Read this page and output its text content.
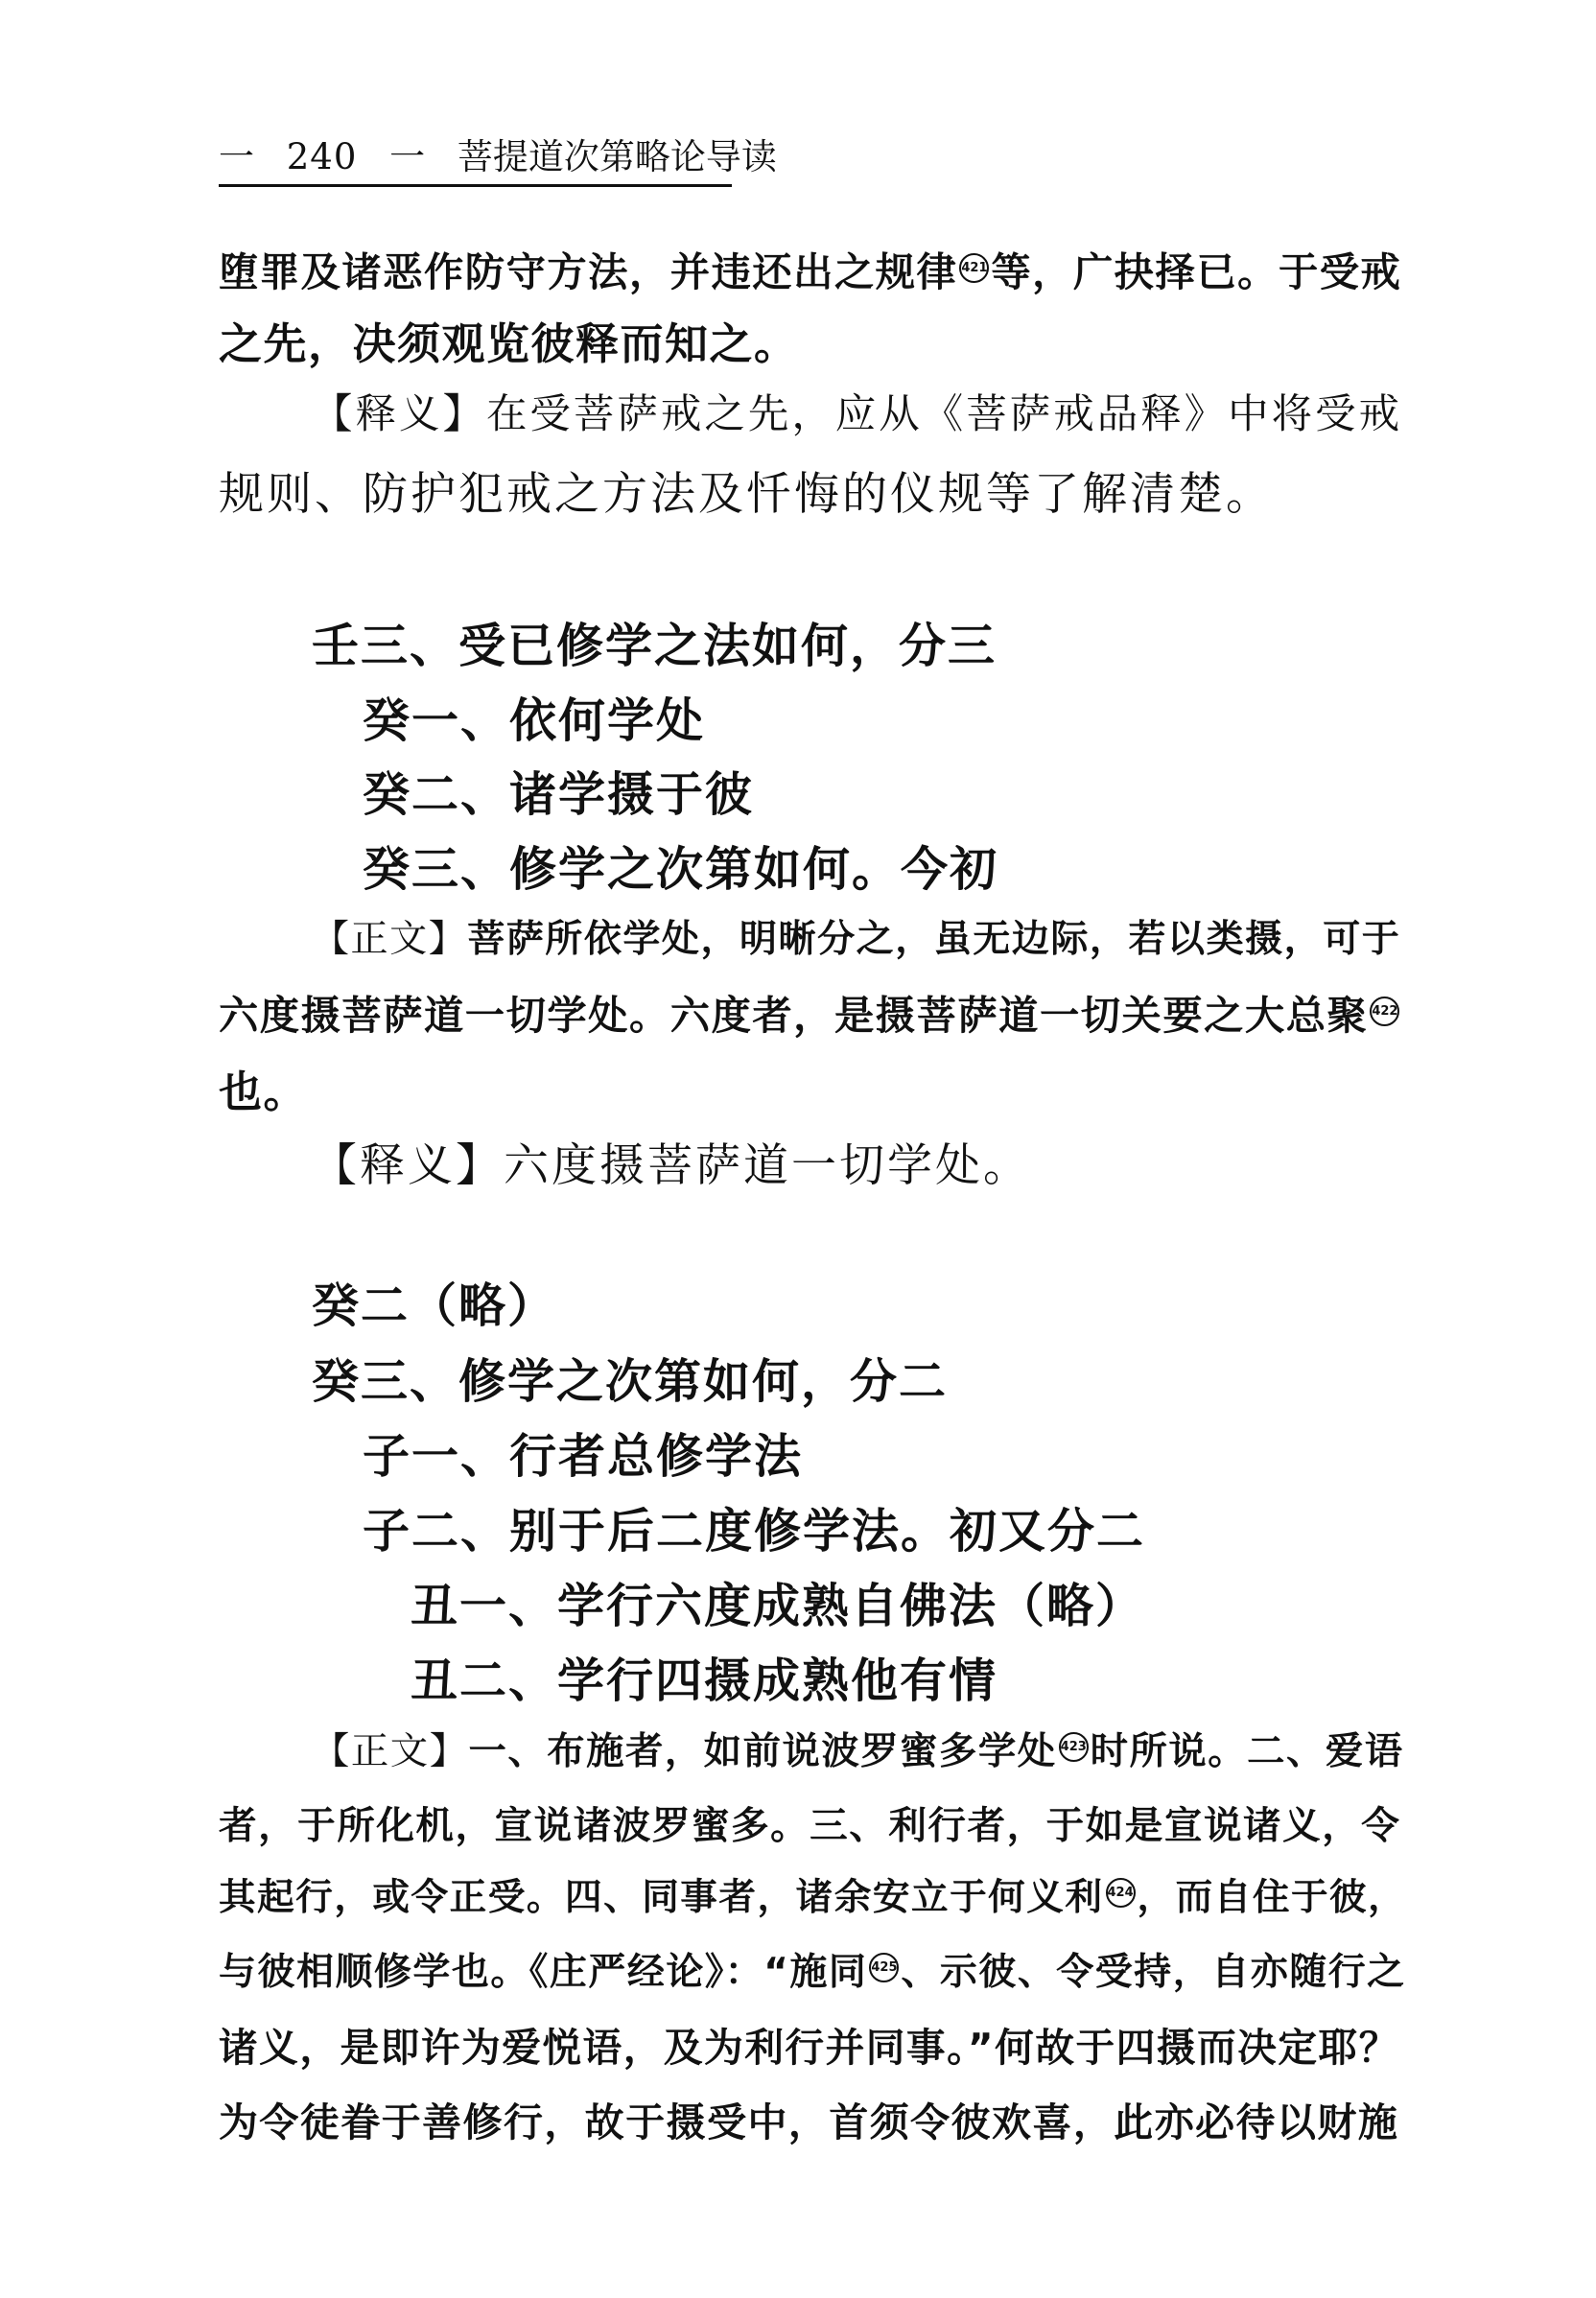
一 240 一 菩提道次第略论导读
堕罪及诸恶作防守方法，并违还出之规律 421等，广抉择已。于受戒
之先，决须观览彼释而知之。
【释义】在受菩萨戒之先，应从《菩萨戒品释》中将受戒
规则、防护犯戒之方法及忏悔的仪规等了解清楚。
壬三、受已修学之法如何，分三
癸一、依何学处
癸二、诸学摄于彼
癸三、修学之次第如何。今初
【正文】菩萨所依学处，明晰分之，虽无边际，若以类摄，可于
六度摄菩萨道一切学处。六度者，是摄菩萨道一切关要之大总聚 422
也。
【释义】六度摄菩萨道一切学处。
癸二（略）
癸三、修学之次第如何，分二
子一、行者总修学法
子二、别于后二度修学法。初又分二
丑一、学行六度成熟自佛法（略）
丑二、学行四摄成熟他有情
【正文】一、布施者，如前说波罗蜜多学处 423时所说。二、爱语
者，于所化机，宣说诸波罗蜜多。三、利行者，于如是宣说诸义，令
其起行，或令正受。四、同事者，诸余安立于何义利 424，而自住于彼，
与彼相顺修学也。《庄严经论》：“施同 425、示彼、令受持，自亦随行之
诸义，是即许为爱悦语，及为利行并同事。”何故于四摄而决定耶？
为令徒眷于善修行，故于摄受中，首须令彼欢喜，此亦必待以财施
